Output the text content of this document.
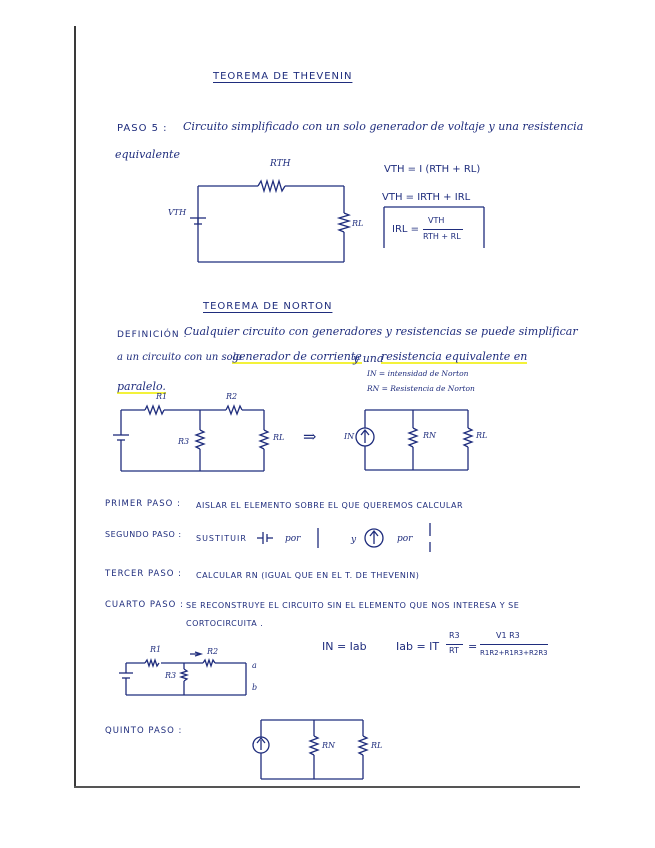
TEOREMA DE THEVENIN
PASO 5 : Circuito simplificado con un solo generador de voltaje y una resistencia
equivalente
RTH
VTH
RL
VTH = I (RTH + RL)
VTH = IRTH + IRL
IRL =
VTH
RTH + RL
TEOREMA DE NORTON
DEFINICIÓN :
Cualquier circuito con generadores y resistencias se puede simplificar
a un circuito con un solo
generador de corriente
y una
resistencia equivalente en
paralelo.
IN = intensidad de Norton
RN = Resistencia de Norton
R1	R2
R3	RL ⇒	IN	RN	RL
PRIMER PASO : AISLAR EL ELEMENTO SOBRE EL QUE QUEREMOS CALCULAR
SEGUNDO PASO : SUSTITUIR	por	y	por
TERCER PASO : CALCULAR RN (IGUAL QUE EN EL T. DE THEVENIN)
CUARTO PASO : SE RECONSTRUYE EL CIRCUITO SIN EL ELEMENTO QUE NOS INTERESA Y SE
CORTOCIRCUITA .
R1	R2
R3
a
b
IN = Iab	Iab = IT
R3
RT =
V1 R3
R1R2+R1R3+R2R3
QUINTO PASO :
RN	RL
